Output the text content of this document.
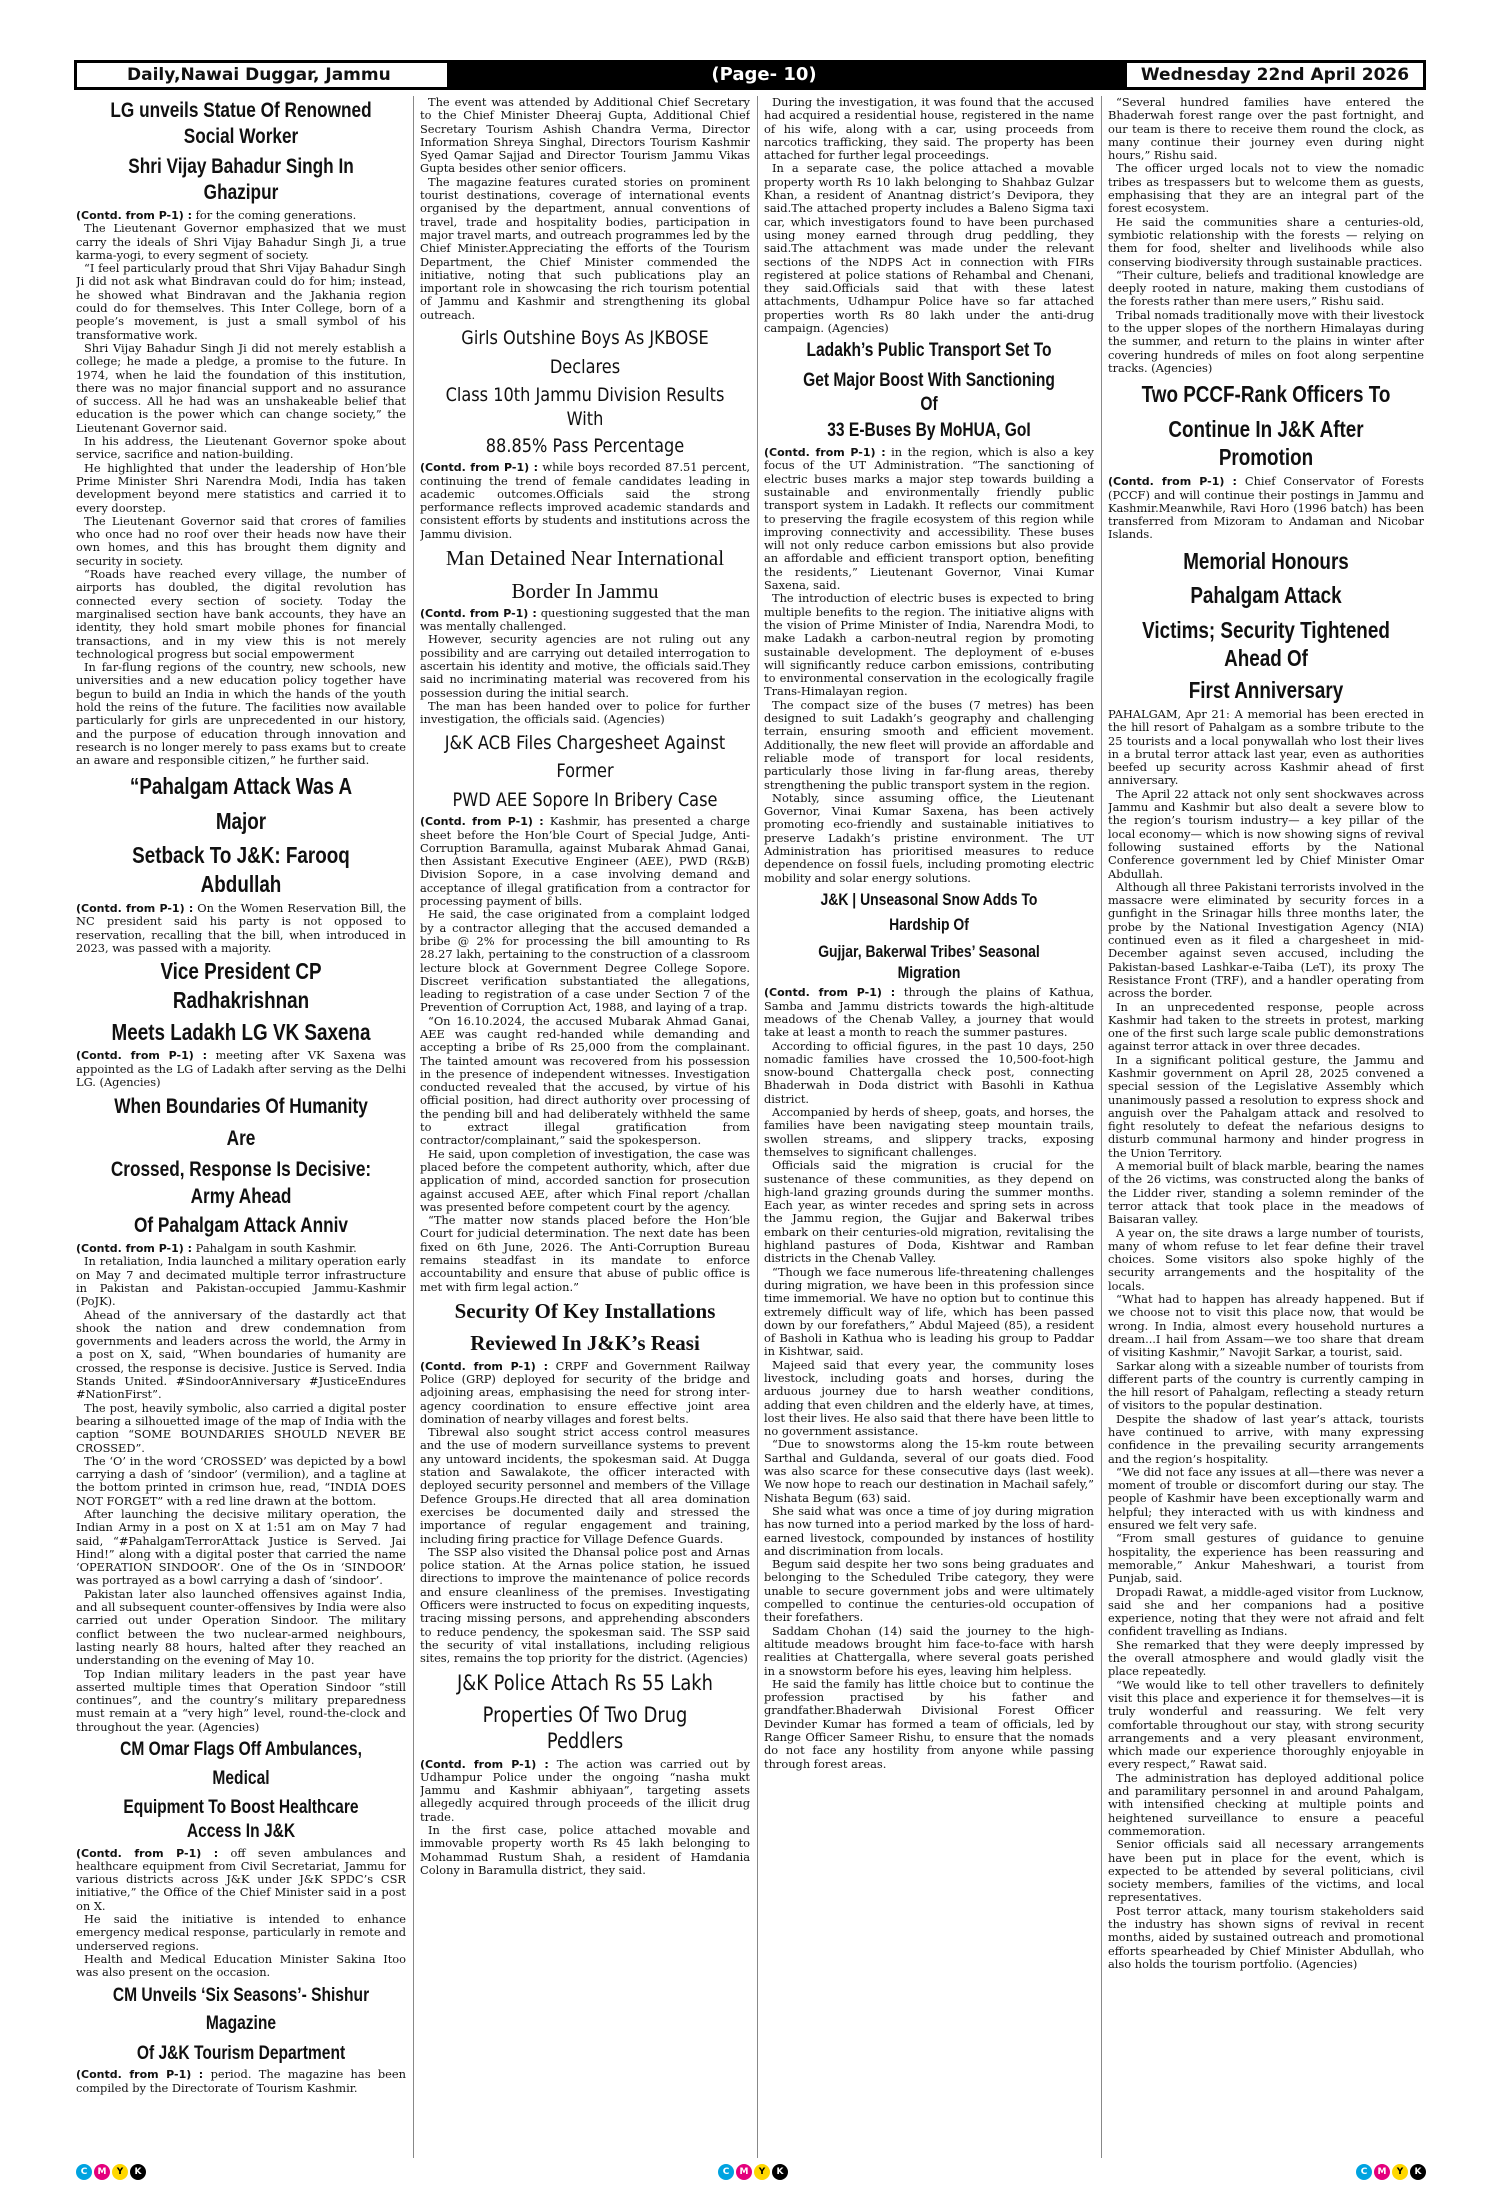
Daily,Nawai Duggar, Jammu	(Page- 10)	Wednesday 22nd April 2026
LG unveils Statue Of Renowned Social Worker
Shri Vijay Bahadur Singh In Ghazipur

(Contd. from P-1) : for the coming generations.

The Lieutenant Governor emphasized that we must carry the ideals of Shri Vijay Bahadur Singh Ji, a true karma-yogi, to every segment of society.

“I feel particularly proud that Shri Vijay Bahadur Singh Ji did not ask what Bindravan could do for him; instead, he showed what Bindravan and the Jakhania region could do for themselves. This Inter College, born of a people’s movement, is just a small symbol of his transformative work.

Shri Vijay Bahadur Singh Ji did not merely establish a college; he made a pledge, a promise to the future. In 1974, when he laid the foundation of this institution, there was no major financial support and no assurance of success. All he had was an unshakeable belief that education is the power which can change society,” the Lieutenant Governor said.

In his address, the Lieutenant Governor spoke about service, sacrifice and nation-building.

He highlighted that under the leadership of Hon’ble Prime Minister Shri Narendra Modi, India has taken development beyond mere statistics and carried it to every doorstep.

The Lieutenant Governor said that crores of families who once had no roof over their heads now have their own homes, and this has brought them dignity and security in society.

“Roads have reached every village, the number of airports has doubled, the digital revolution has connected every section of society. Today the marginalised section have bank accounts, they have an identity, they hold smart mobile phones for financial transactions, and in my view this is not merely technological progress but social empowerment

In far-flung regions of the country, new schools, new universities and a new education policy together have begun to build an India in which the hands of the youth hold the reins of the future. The facilities now available particularly for girls are unprecedented in our history, and the purpose of education through innovation and research is no longer merely to pass exams but to create an aware and responsible citizen,” he further said.

“Pahalgam Attack Was A Major
Setback To J&K: Farooq Abdullah

(Contd. from P-1) : On the Women Reservation Bill, the NC president said his party is not opposed to reservation, recalling that the bill, when introduced in 2023, was passed with a majority.

Vice President CP Radhakrishnan
Meets Ladakh LG VK Saxena

(Contd. from P-1) : meeting after VK Saxena was appointed as the LG of Ladakh after serving as the Delhi LG. (Agencies)

When Boundaries Of Humanity Are
Crossed, Response Is Decisive: Army Ahead
Of Pahalgam Attack Anniv

(Contd. from P-1) : Pahalgam in south Kashmir.

In retaliation, India launched a military operation early on May 7 and decimated multiple terror infrastructure in Pakistan and Pakistan-occupied Jammu-Kashmir (PoJK).

Ahead of the anniversary of the dastardly act that shook the nation and drew condemnation from governments and leaders across the world, the Army in a post on X, said, “When boundaries of humanity are crossed, the response is decisive. Justice is Served. India Stands United. #SindoorAnniversary #JusticeEndures #NationFirst”.

The post, heavily symbolic, also carried a digital poster bearing a silhouetted image of the map of India with the caption “SOME BOUNDARIES SHOULD NEVER BE CROSSED”.

The ‘O’ in the word ‘CROSSED’ was depicted by a bowl carrying a dash of ‘sindoor’ (vermilion), and a tagline at the bottom printed in crimson hue, read, “INDIA DOES NOT FORGET” with a red line drawn at the bottom.

After launching the decisive military operation, the Indian Army in a post on X at 1:51 am on May 7 had said, “#PahalgamTerrorAttack Justice is Served. Jai Hind!” along with a digital poster that carried the name ‘OPERATION SINDOOR’. One of the Os in ‘SINDOOR’ was portrayed as a bowl carrying a dash of ‘sindoor’.

Pakistan later also launched offensives against India, and all subsequent counter-offensives by India were also carried out under Operation Sindoor. The military conflict between the two nuclear-armed neighbours, lasting nearly 88 hours, halted after they reached an understanding on the evening of May 10.

Top Indian military leaders in the past year have asserted multiple times that Operation Sindoor “still continues”, and the country’s military preparedness must remain at a “very high” level, round-the-clock and throughout the year. (Agencies)

CM Omar Flags Off Ambulances, Medical
Equipment To Boost Healthcare Access In J&K

(Contd. from P-1) : off seven ambulances and healthcare equipment from Civil Secretariat, Jammu for various districts across J&K under J&K SPDC’s CSR initiative,” the Office of the Chief Minister said in a post on X.

He said the initiative is intended to enhance emergency medical response, particularly in remote and underserved regions.

Health and Medical Education Minister Sakina Itoo was also present on the occasion.

CM Unveils ‘Six Seasons’- Shishur Magazine
Of J&K Tourism Department

(Contd. from P-1) : period. The magazine has been compiled by the Directorate of Tourism Kashmir.

The event was attended by Additional Chief Secretary to the Chief Minister Dheeraj Gupta, Additional Chief Secretary Tourism Ashish Chandra Verma, Director Information Shreya Singhal, Directors Tourism Kashmir Syed Qamar Sajjad and Director Tourism Jammu Vikas Gupta besides other senior officers.

The magazine features curated stories on prominent tourist destinations, coverage of international events organised by the department, annual conventions of travel, trade and hospitality bodies, participation in major travel marts, and outreach programmes led by the Chief Minister.Appreciating the efforts of the Tourism Department, the Chief Minister commended the initiative, noting that such publications play an important role in showcasing the rich tourism potential of Jammu and Kashmir and strengthening its global outreach.

Girls Outshine Boys As JKBOSE Declares
Class 10th Jammu Division Results With
88.85% Pass Percentage

(Contd. from P-1) : while boys recorded 87.51 percent, continuing the trend of female candidates leading in academic outcomes.Officials said the strong performance reflects improved academic standards and consistent efforts by students and institutions across the Jammu division.

Man Detained Near International
Border In Jammu

(Contd. from P-1) : questioning suggested that the man was mentally challenged.

However, security agencies are not ruling out any possibility and are carrying out detailed interrogation to ascertain his identity and motive, the officials said.They said no incriminating material was recovered from his possession during the initial search.

The man has been handed over to police for further investigation, the officials said. (Agencies)

J&K ACB Files Chargesheet Against Former
PWD AEE Sopore In Bribery Case

(Contd. from P-1) : Kashmir, has presented a charge sheet before the Hon’ble Court of Special Judge, Anti-Corruption Baramulla, against Mubarak Ahmad Ganai, then Assistant Executive Engineer (AEE), PWD (R&B) Division Sopore, in a case involving demand and acceptance of illegal gratification from a contractor for processing payment of bills.

He said, the case originated from a complaint lodged by a contractor alleging that the accused demanded a bribe @ 2% for processing the bill amounting to Rs 28.27 lakh, pertaining to the construction of a classroom lecture block at Government Degree College Sopore. Discreet verification substantiated the allegations, leading to registration of a case under Section 7 of the Prevention of Corruption Act, 1988, and laying of a trap.

“On 16.10.2024, the accused Mubarak Ahmad Ganai, AEE was caught red-handed while demanding and accepting a bribe of Rs 25,000 from the complainant. The tainted amount was recovered from his possession in the presence of independent witnesses. Investigation conducted revealed that the accused, by virtue of his official position, had direct authority over processing of the pending bill and had deliberately withheld the same to extract illegal gratification from contractor/complainant,” said the spokesperson.

He said, upon completion of investigation, the case was placed before the competent authority, which, after due application of mind, accorded sanction for prosecution against accused AEE, after which Final report /challan was presented before competent court by the agency.

“The matter now stands placed before the Hon’ble Court for judicial determination. The next date has been fixed on 6th June, 2026. The Anti-Corruption Bureau remains steadfast in its mandate to enforce accountability and ensure that abuse of public office is met with firm legal action.”

Security Of Key Installations
Reviewed In J&K’s Reasi

(Contd. from P-1) : CRPF and Government Railway Police (GRP) deployed for security of the bridge and adjoining areas, emphasising the need for strong inter-agency coordination to ensure effective joint area domination of nearby villages and forest belts.

Tibrewal also sought strict access control measures and the use of modern surveillance systems to prevent any untoward incidents, the spokesman said. At Dugga station and Sawalakote, the officer interacted with deployed security personnel and members of the Village Defence Groups.He directed that all area domination exercises be documented daily and stressed the importance of regular engagement and training, including firing practice for Village Defence Guards.

The SSP also visited the Dhansal police post and Arnas police station. At the Arnas police station, he issued directions to improve the maintenance of police records and ensure cleanliness of the premises. Investigating Officers were instructed to focus on expediting inquests, tracing missing persons, and apprehending absconders to reduce pendency, the spokesman said. The SSP said the security of vital installations, including religious sites, remains the top priority for the district. (Agencies)

J&K Police Attach Rs 55 Lakh
Properties Of Two Drug Peddlers

(Contd. from P-1) : The action was carried out by Udhampur Police under the ongoing “nasha mukt Jammu and Kashmir abhiyaan”, targeting assets allegedly acquired through proceeds of the illicit drug trade.

In the first case, police attached movable and immovable property worth Rs 45 lakh belonging to Mohammad Rustum Shah, a resident of Hamdania Colony in Baramulla district, they said.

During the investigation, it was found that the accused had acquired a residential house, registered in the name of his wife, along with a car, using proceeds from narcotics trafficking, they said. The property has been attached for further legal proceedings.

In a separate case, the police attached a movable property worth Rs 10 lakh belonging to Shahbaz Gulzar Khan, a resident of Anantnag district’s Devipora, they said.The attached property includes a Baleno Sigma taxi car, which investigators found to have been purchased using money earned through drug peddling, they said.The attachment was made under the relevant sections of the NDPS Act in connection with FIRs registered at police stations of Rehambal and Chenani, they said.Officials said that with these latest attachments, Udhampur Police have so far attached properties worth Rs 80 lakh under the anti-drug campaign. (Agencies)

Ladakh’s Public Transport Set To
Get Major Boost With Sanctioning Of
33 E-Buses By MoHUA, GoI

(Contd. from P-1) : in the region, which is also a key focus of the UT Administration. “The sanctioning of electric buses marks a major step towards building a sustainable and environmentally friendly public transport system in Ladakh. It reflects our commitment to preserving the fragile ecosystem of this region while improving connectivity and accessibility. These buses will not only reduce carbon emissions but also provide an affordable and efficient transport option, benefiting the residents,” Lieutenant Governor, Vinai Kumar Saxena, said.

The introduction of electric buses is expected to bring multiple benefits to the region. The initiative aligns with the vision of Prime Minister of India, Narendra Modi, to make Ladakh a carbon-neutral region by promoting sustainable development. The deployment of e-buses will significantly reduce carbon emissions, contributing to environmental conservation in the ecologically fragile Trans-Himalayan region.

The compact size of the buses (7 metres) has been designed to suit Ladakh’s geography and challenging terrain, ensuring smooth and efficient movement. Additionally, the new fleet will provide an affordable and reliable mode of transport for local residents, particularly those living in far-flung areas, thereby strengthening the public transport system in the region.

Notably, since assuming office, the Lieutenant Governor, Vinai Kumar Saxena, has been actively promoting eco-friendly and sustainable initiatives to preserve Ladakh’s pristine environment. The UT Administration has prioritised measures to reduce dependence on fossil fuels, including promoting electric mobility and solar energy solutions.

J&K | Unseasonal Snow Adds To Hardship Of
Gujjar, Bakerwal Tribes’ Seasonal Migration

(Contd. from P-1) : through the plains of Kathua, Samba and Jammu districts towards the high-altitude meadows of the Chenab Valley, a journey that would take at least a month to reach the summer pastures.

According to official figures, in the past 10 days, 250 nomadic families have crossed the 10,500-foot-high snow-bound Chattergalla check post, connecting Bhaderwah in Doda district with Basohli in Kathua district.

Accompanied by herds of sheep, goats, and horses, the families have been navigating steep mountain trails, swollen streams, and slippery tracks, exposing themselves to significant challenges.

Officials said the migration is crucial for the sustenance of these communities, as they depend on high-land grazing grounds during the summer months. Each year, as winter recedes and spring sets in across the Jammu region, the Gujjar and Bakerwal tribes embark on their centuries-old migration, revitalising the highland pastures of Doda, Kishtwar and Ramban districts in the Chenab Valley.

“Though we face numerous life-threatening challenges during migration, we have been in this profession since time immemorial. We have no option but to continue this extremely difficult way of life, which has been passed down by our forefathers,” Abdul Majeed (85), a resident of Basholi in Kathua who is leading his group to Paddar in Kishtwar, said.

Majeed said that every year, the community loses livestock, including goats and horses, during the arduous journey due to harsh weather conditions, adding that even children and the elderly have, at times, lost their lives. He also said that there have been little to no government assistance.

“Due to snowstorms along the 15-km route between Sarthal and Guldanda, several of our goats died. Food was also scarce for these consecutive days (last week). We now hope to reach our destination in Machail safely,” Nishata Begum (63) said.

She said what was once a time of joy during migration has now turned into a period marked by the loss of hard-earned livestock, compounded by instances of hostility and discrimination from locals.

Begum said despite her two sons being graduates and belonging to the Scheduled Tribe category, they were unable to secure government jobs and were ultimately compelled to continue the centuries-old occupation of their forefathers.

Saddam Chohan (14) said the journey to the high-altitude meadows brought him face-to-face with harsh realities at Chattergalla, where several goats perished in a snowstorm before his eyes, leaving him helpless.

He said the family has little choice but to continue the profession practised by his father and grandfather.Bhaderwah Divisional Forest Officer Devinder Kumar has formed a team of officials, led by Range Officer Sameer Rishu, to ensure that the nomads do not face any hostility from anyone while passing through forest areas.

“Several hundred families have entered the Bhaderwah forest range over the past fortnight, and our team is there to receive them round the clock, as many continue their journey even during night hours,” Rishu said.

The officer urged locals not to view the nomadic tribes as trespassers but to welcome them as guests, emphasising that they are an integral part of the forest ecosystem.

He said the communities share a centuries-old, symbiotic relationship with the forests — relying on them for food, shelter and livelihoods while also conserving biodiversity through sustainable practices.

“Their culture, beliefs and traditional knowledge are deeply rooted in nature, making them custodians of the forests rather than mere users,” Rishu said.

Tribal nomads traditionally move with their livestock to the upper slopes of the northern Himalayas during the summer, and return to the plains in winter after covering hundreds of miles on foot along serpentine tracks. (Agencies)

Two PCCF-Rank Officers To
Continue In J&K After Promotion

(Contd. from P-1) : Chief Conservator of Forests (PCCF) and will continue their postings in Jammu and Kashmir.Meanwhile, Ravi Horo (1996 batch) has been transferred from Mizoram to Andaman and Nicobar Islands.

Memorial Honours Pahalgam Attack
Victims; Security Tightened Ahead Of
First Anniversary

PAHALGAM, Apr 21: A memorial has been erected in the hill resort of Pahalgam as a sombre tribute to the 25 tourists and a local ponywallah who lost their lives in a brutal terror attack last year, even as authorities beefed up security across Kashmir ahead of first anniversary.

The April 22 attack not only sent shockwaves across Jammu and Kashmir but also dealt a severe blow to the region’s tourism industry— a key pillar of the local economy— which is now showing signs of revival following sustained efforts by the National Conference government led by Chief Minister Omar Abdullah.

Although all three Pakistani terrorists involved in the massacre were eliminated by security forces in a gunfight in the Srinagar hills three months later, the probe by the National Investigation Agency (NIA) continued even as it filed a chargesheet in mid-December against seven accused, including the Pakistan-based Lashkar-e-Taiba (LeT), its proxy The Resistance Front (TRF), and a handler operating from across the border.

In an unprecedented response, people across Kashmir had taken to the streets in protest, marking one of the first such large scale public demonstrations against terror attack in over three decades.

In a significant political gesture, the Jammu and Kashmir government on April 28, 2025 convened a special session of the Legislative Assembly which unanimously passed a resolution to express shock and anguish over the Pahalgam attack and resolved to fight resolutely to defeat the nefarious designs to disturb communal harmony and hinder progress in the Union Territory.

A memorial built of black marble, bearing the names of the 26 victims, was constructed along the banks of the Lidder river, standing a solemn reminder of the terror attack that took place in the meadows of Baisaran valley.

A year on, the site draws a large number of tourists, many of whom refuse to let fear define their travel choices. Some visitors also spoke highly of the security arrangements and the hospitality of the locals.

“What had to happen has already happened. But if we choose not to visit this place now, that would be wrong. In India, almost every household nurtures a dream...I hail from Assam—we too share that dream of visiting Kashmir,” Navojit Sarkar, a tourist, said.

Sarkar along with a sizeable number of tourists from different parts of the country is currently camping in the hill resort of Pahalgam, reflecting a steady return of visitors to the popular destination.

Despite the shadow of last year’s attack, tourists have continued to arrive, with many expressing confidence in the prevailing security arrangements and the region’s hospitality.

“We did not face any issues at all—there was never a moment of trouble or discomfort during our stay. The people of Kashmir have been exceptionally warm and helpful; they interacted with us with kindness and ensured we felt very safe.

“From small gestures of guidance to genuine hospitality, the experience has been reassuring and memorable,” Ankur Maheshwari, a tourist from Punjab, said.

Dropadi Rawat, a middle-aged visitor from Lucknow, said she and her companions had a positive experience, noting that they were not afraid and felt confident travelling as Indians.

She remarked that they were deeply impressed by the overall atmosphere and would gladly visit the place repeatedly.

“We would like to tell other travellers to definitely visit this place and experience it for themselves—it is truly wonderful and reassuring. We felt very comfortable throughout our stay, with strong security arrangements and a very pleasant environment, which made our experience thoroughly enjoyable in every respect,” Rawat said.

The administration has deployed additional police and paramilitary personnel in and around Pahalgam, with intensified checking at multiple points and heightened surveillance to ensure a peaceful commemoration.

Senior officials said all necessary arrangements have been put in place for the event, which is expected to be attended by several politicians, civil society members, families of the victims, and local representatives.

Post terror attack, many tourism stakeholders said the industry has shown signs of revival in recent months, aided by sustained outreach and promotional efforts spearheaded by Chief Minister Abdullah, who also holds the tourism portfolio. (Agencies)

C	M	Y	K	C	M	Y	K	C	M	Y	K
